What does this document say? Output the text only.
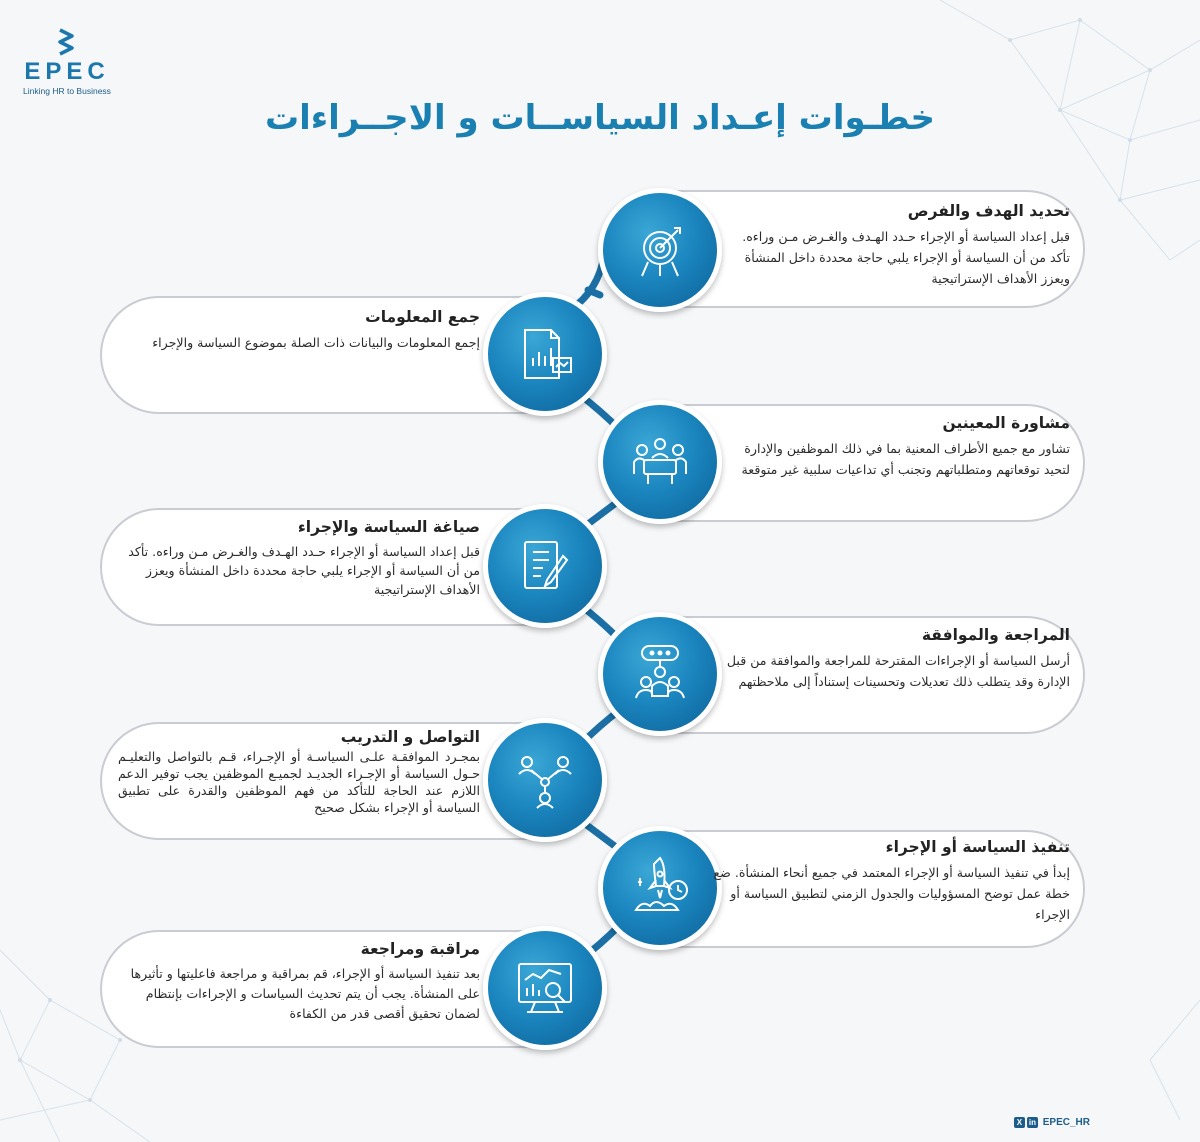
EPEC
Linking HR to Business
خطـوات إعـداد السياســات و الاجــراءات
تحديد الهدف والفرص

قبل إعداد السياسة أو الإجراء حـدد الهـدف والغـرض مـن وراءه. تأكد من أن السياسة أو الإجراء يلبي حاجة محددة داخل المنشأة ويعزز الأهداف الإستراتيجية

جمع المعلومات

إجمع المعلومات والبيانات ذات الصلة بموضوع السياسة والإجراء

مشاورة المعينين

تشاور مع جميع الأطراف المعنية بما في ذلك الموظفين والإدارة لتحيد توقعاتهم ومتطلباتهم وتجنب أي تداعيات سلبية غير متوقعة

صياغة السياسة والإجراء

قبل إعداد السياسة أو الإجراء حـدد الهـدف والغـرض مـن وراءه. تأكد من أن السياسة أو الإجراء يلبي حاجة محددة داخل المنشأة ويعزز الأهداف الإستراتيجية

المراجعة والموافقة

أرسل السياسة أو الإجراءات المقترحة للمراجعة والموافقة من قبل الإدارة وقد يتطلب ذلك تعديلات وتحسينات إستناداً إلى ملاحظتهم

التواصل و التدريب

بمجـرد الموافقـة علـى السياسـة أو الإجـراء، قـم بالتواصل والتعليـم حـول السياسة أو الإجـراء الجديـد لجميـع الموظفين يجب توفير الدعم اللازم عند الحاجة للتأكد من فهم الموظفين والقدرة على تطبيق السياسة أو الإجراء بشكل صحيح

تنفيذ السياسة أو الإجراء

إبدأ في تنفيذ السياسة أو الإجراء المعتمد في جميع أنحاء المنشأة. ضع خطة عمل توضح المسؤوليات والجدول الزمني لتطبيق السياسة أو الإجراء

مراقبة ومراجعة

بعد تنفيذ السياسة أو الإجراء، قم بمراقبة و مراجعة فاعليتها و تأثيرها على المنشأة. يجب أن يتم تحديث السياسات و الإجراءات بإنتظام لضمان تحقيق أقصى قدر من الكفاءة

X in EPEC_HR
